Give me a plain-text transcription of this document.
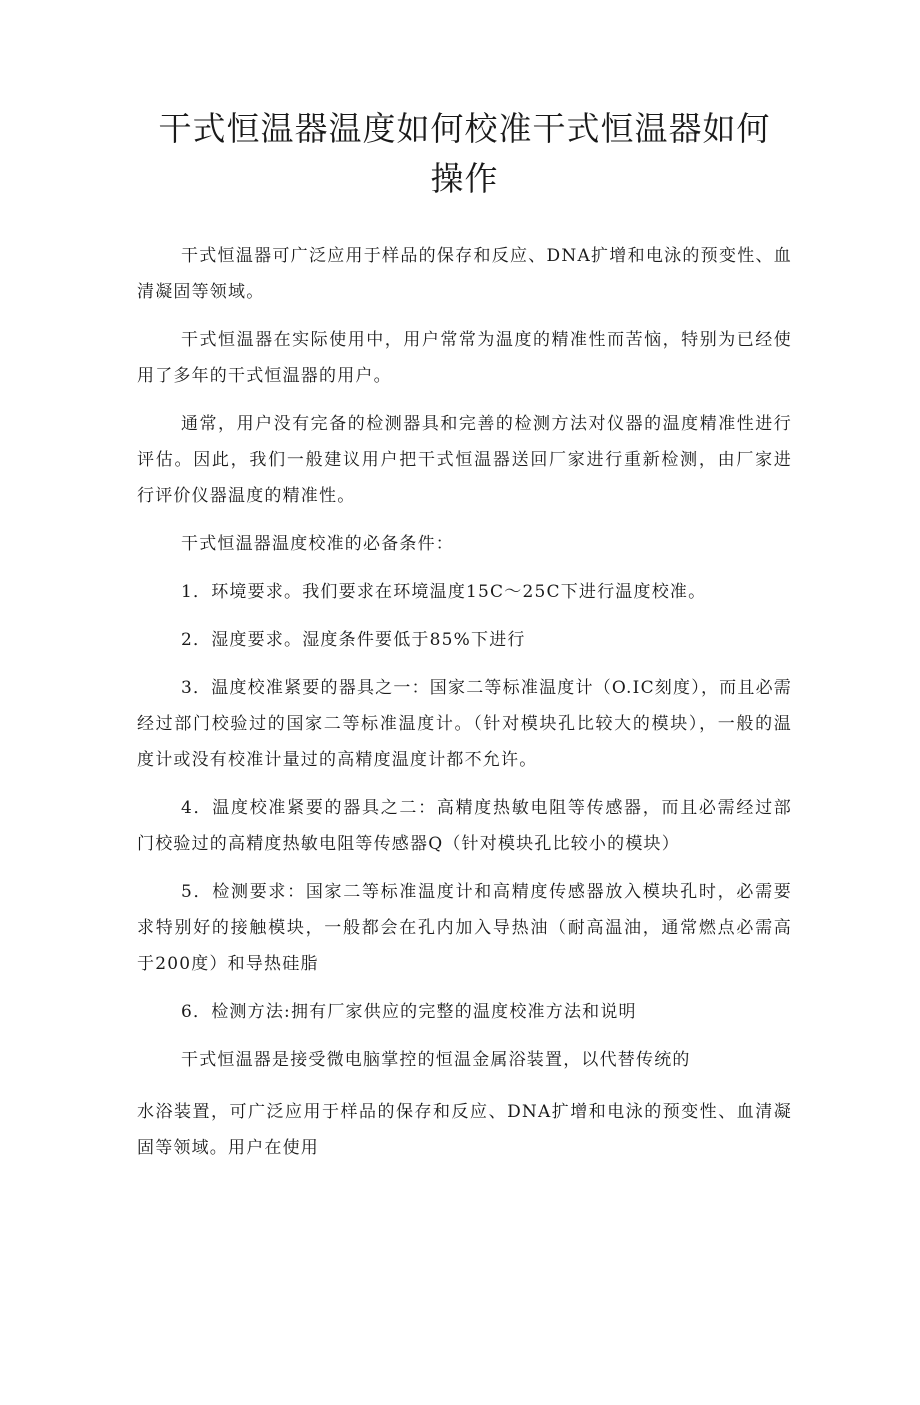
干式恒温器温度如何校准干式恒温器如何操作

干式恒温器可广泛应用于样品的保存和反应、DNA扩增和电泳的预变性、血清凝固等领域。

干式恒温器在实际使用中，用户常常为温度的精准性而苦恼，特别为已经使用了多年的干式恒温器的用户。

通常，用户没有完备的检测器具和完善的检测方法对仪器的温度精准性进行评估。因此，我们一般建议用户把干式恒温器送回厂家进行重新检测，由厂家进行评价仪器温度的精准性。

干式恒温器温度校准的必备条件：

1．环境要求。我们要求在环境温度15C～25C下进行温度校准。

2．湿度要求。湿度条件要低于85%下进行

3．温度校准紧要的器具之一：国家二等标准温度计（O.IC刻度），而且必需经过部门校验过的国家二等标准温度计。（针对模块孔比较大的模块），一般的温度计或没有校准计量过的高精度温度计都不允许。

4．温度校准紧要的器具之二：高精度热敏电阻等传感器，而且必需经过部门校验过的高精度热敏电阻等传感器Q（针对模块孔比较小的模块）

5．检测要求：国家二等标准温度计和高精度传感器放入模块孔时，必需要求特别好的接触模块，一般都会在孔内加入导热油（耐高温油，通常燃点必需高于200度）和导热硅脂

6．检测方法:拥有厂家供应的完整的温度校准方法和说明

干式恒温器是接受微电脑掌控的恒温金属浴装置，以代替传统的

水浴装置，可广泛应用于样品的保存和反应、DNA扩增和电泳的预变性、血清凝固等领域。用户在使用
